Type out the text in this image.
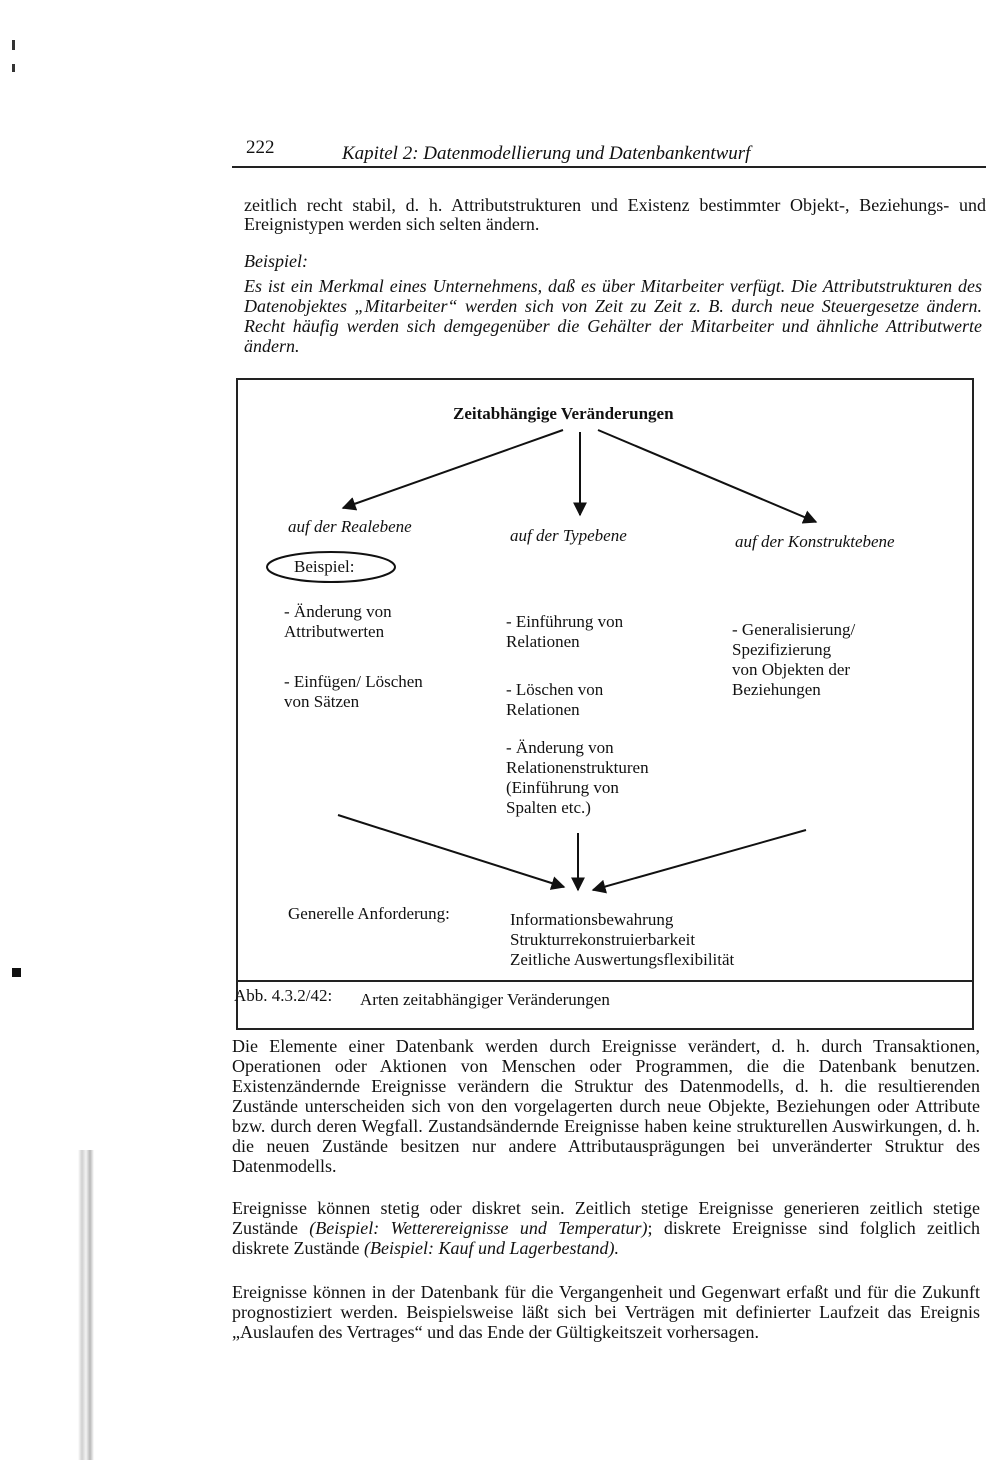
222	Kapitel 2: Datenmodellierung und Datenbankentwurf
zeitlich recht stabil, d. h. Attributstrukturen und Existenz bestimmter Objekt-, Beziehungs- und Ereignistypen werden sich selten ändern.
Beispiel:
Es ist ein Merkmal eines Unternehmens, daß es über Mitarbeiter verfügt. Die Attributstrukturen des Datenobjektes „Mitarbeiter“ werden sich von Zeit zu Zeit z. B. durch neue Steuergesetze ändern. Recht häufig werden sich demgegenüber die Gehälter der Mitarbeiter und ähnliche Attributwerte ändern.
Zeitabhängige Veränderungen
auf der Realebene	auf der Typebene	auf der Konstruktebene
Beispiel:
- Änderung von
Attributwerten
- Einfügen/ Löschen
von Sätzen
- Einführung von
Relationen
- Löschen von
Relationen
- Änderung von
Relationenstrukturen
(Einführung von
Spalten etc.)
- Generalisierung/
Spezifizierung
von Objekten der
Beziehungen
Generelle Anforderung:	Informationsbewahrung
Strukturrekonstruierbarkeit
Zeitliche Auswertungsflexibilität
Abb. 4.3.2/42: Arten zeitabhängiger Veränderungen

Die Elemente einer Datenbank werden durch Ereignisse verändert, d. h. durch Transaktionen, Operationen oder Aktionen von Menschen oder Programmen, die die Datenbank benutzen. Existenzändernde Ereignisse verändern die Struktur des Datenmodells, d. h. die resultierenden Zustände unterscheiden sich von den vorgelagerten durch neue Objekte, Beziehungen oder Attribute bzw. durch deren Wegfall. Zustandsändernde Ereignisse haben keine strukturellen Auswirkungen, d. h. die neuen Zustände besitzen nur andere Attributausprägungen bei unveränderter Struktur des Datenmodells.

Ereignisse können stetig oder diskret sein. Zeitlich stetige Ereignisse generieren zeitlich stetige Zustände (Beispiel: Wetterereignisse und Temperatur); diskrete Ereignisse sind folglich zeitlich diskrete Zustände (Beispiel: Kauf und Lagerbestand).

Ereignisse können in der Datenbank für die Vergangenheit und Gegenwart erfaßt und für die Zukunft prognostiziert werden. Beispielsweise läßt sich bei Verträgen mit definierter Laufzeit das Ereignis „Auslaufen des Vertrages“ und das Ende der Gültigkeitszeit vorhersagen.
